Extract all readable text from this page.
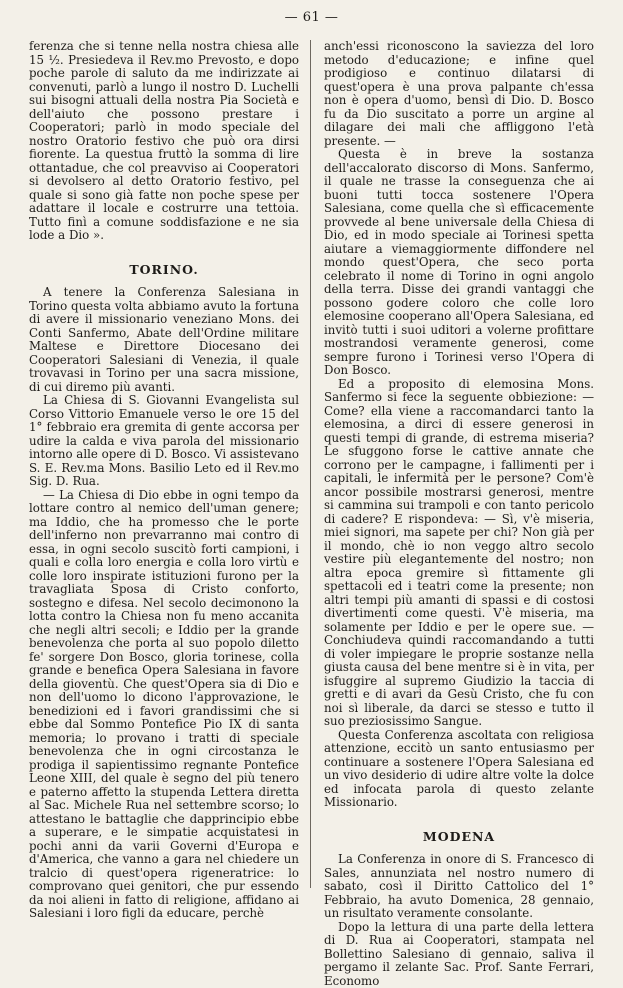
— 61 —

ferenza che si tenne nella nostra chiesa alle 15 ½. Presiedeva il Rev.mo Prevosto, e dopo poche parole di saluto da me indirizzate ai convenuti, parlò a lungo il nostro D. Luchelli sui bisogni attuali della nostra Pia Società e dell'aiuto che possono prestare i Cooperatori; parlò in modo speciale del nostro Oratorio festivo che può ora dirsi fiorente. La questua fruttò la somma di lire ottantadue, che col preavviso ai Cooperatori si devolsero al detto Oratorio festivo, pel quale si sono già fatte non poche spese per adattare il locale e costrurre una tettoia. Tutto finì a comune soddisfazione e ne sia lode a Dio ».

TORINO.

A tenere la Conferenza Salesiana in Torino questa volta abbiamo avuto la fortuna di avere il missionario veneziano Mons. dei Conti Sanfermo, Abate dell'Ordine militare Maltese e Direttore Diocesano dei Cooperatori Salesiani di Venezia, il quale trovavasi in Torino per una sacra missione, di cui diremo più avanti.

La Chiesa di S. Giovanni Evangelista sul Corso Vittorio Emanuele verso le ore 15 del 1° febbraio era gremita di gente accorsa per udire la calda e viva parola del missionario intorno alle opere di D. Bosco. Vi assistevano S. E. Rev.ma Mons. Basilio Leto ed il Rev.mo Sig. D. Rua.

— La Chiesa di Dio ebbe in ogni tempo da lottare contro al nemico dell'uman genere; ma Iddio, che ha promesso che le porte dell'inferno non prevarranno mai contro di essa, in ogni secolo suscitò forti campioni, i quali e colla loro energia e colla loro virtù e colle loro inspirate istituzioni furono per la travagliata Sposa di Cristo conforto, sostegno e difesa. Nel secolo decimonono la lotta contro la Chiesa non fu meno accanita che negli altri secoli; e Iddio per la grande benevolenza che porta al suo popolo diletto fe' sorgere Don Bosco, gloria torinese, colla grande e benefica Opera Salesiana in favore della gioventù. Che quest'Opera sia di Dio e non dell'uomo lo dicono l'approvazione, le benedizioni ed i favori grandissimi che si ebbe dal Sommo Pontefice Pio IX di santa memoria; lo provano i tratti di speciale benevolenza che in ogni circostanza le prodiga il sapientissimo regnante Pontefice Leone XIII, del quale è segno del più tenero e paterno affetto la stupenda Lettera diretta al Sac. Michele Rua nel settembre scorso; lo attestano le battaglie che dapprincipio ebbe a superare, e le simpatie acquistatesi in pochi anni da varii Governi d'Europa e d'America, che vanno a gara nel chiedere un tralcio di quest'opera rigeneratrice: lo comprovano quei genitori, che pur essendo da noi alieni in fatto di religione, affidano ai Salesiani i loro figli da educare, perchè

anch'essi riconoscono la saviezza del loro metodo d'educazione; e infine quel prodigioso e continuo dilatarsi di quest'opera è una prova palpante ch'essa non è opera d'uomo, bensì di Dio. D. Bosco fu da Dio suscitato a porre un argine al dilagare dei mali che affliggono l'età presente. —

Questa è in breve la sostanza dell'accalorato discorso di Mons. Sanfermo, il quale ne trasse la conseguenza che ai buoni tutti tocca sostenere l'Opera Salesiana, come quella che sì efficacemente provvede al bene universale della Chiesa di Dio, ed in modo speciale ai Torinesi spetta aiutare a viemaggiormente diffondere nel mondo quest'Opera, che seco porta celebrato il nome di Torino in ogni angolo della terra. Disse dei grandi vantaggi che possono godere coloro che colle loro elemosine cooperano all'Opera Salesiana, ed invitò tutti i suoi uditori a volerne profittare mostrandosi veramente generosi, come sempre furono i Torinesi verso l'Opera di Don Bosco.

Ed a proposito di elemosina Mons. Sanfermo si fece la seguente obbiezione: — Come? ella viene a raccomandarci tanto la elemosina, a dirci di essere generosi in questi tempi di grande, di estrema miseria? Le sfuggono forse le cattive annate che corrono per le campagne, i fallimenti per i capitali, le infermità per le persone? Com'è ancor possibile mostrarsi generosi, mentre si cammina sui trampoli e con tanto pericolo di cadere? E rispondeva: — Sì, v'è miseria, miei signori, ma sapete per chi? Non già per il mondo, chè io non veggo altro secolo vestire più elegantemente del nostro; non altra epoca gremire sì fittamente gli spettacoli ed i teatri come la presente; non altri tempi più amanti di spassi e di costosi divertimenti come questi. V'è miseria, ma solamente per Iddio e per le opere sue. — Conchiudeva quindi raccomandando a tutti di voler impiegare le proprie sostanze nella giusta causa del bene mentre si è in vita, per isfuggire al supremo Giudizio la taccia di gretti e di avari da Gesù Cristo, che fu con noi sì liberale, da darci se stesso e tutto il suo preziosissimo Sangue.

Questa Conferenza ascoltata con religiosa attenzione, eccitò un santo entusiasmo per continuare a sostenere l'Opera Salesiana ed un vivo desiderio di udire altre volte la dolce ed infocata parola di questo zelante Missionario.

MODENA

La Conferenza in onore di S. Francesco di Sales, annunziata nel nostro numero di sabato, così il Diritto Cattolico del 1° Febbraio, ha avuto Domenica, 28 gennaio, un risultato veramente consolante.

Dopo la lettura di una parte della lettera di D. Rua ai Cooperatori, stampata nel Bollettino Salesiano di gennaio, saliva il pergamo il zelante Sac. Prof. Sante Ferrari, Economo
